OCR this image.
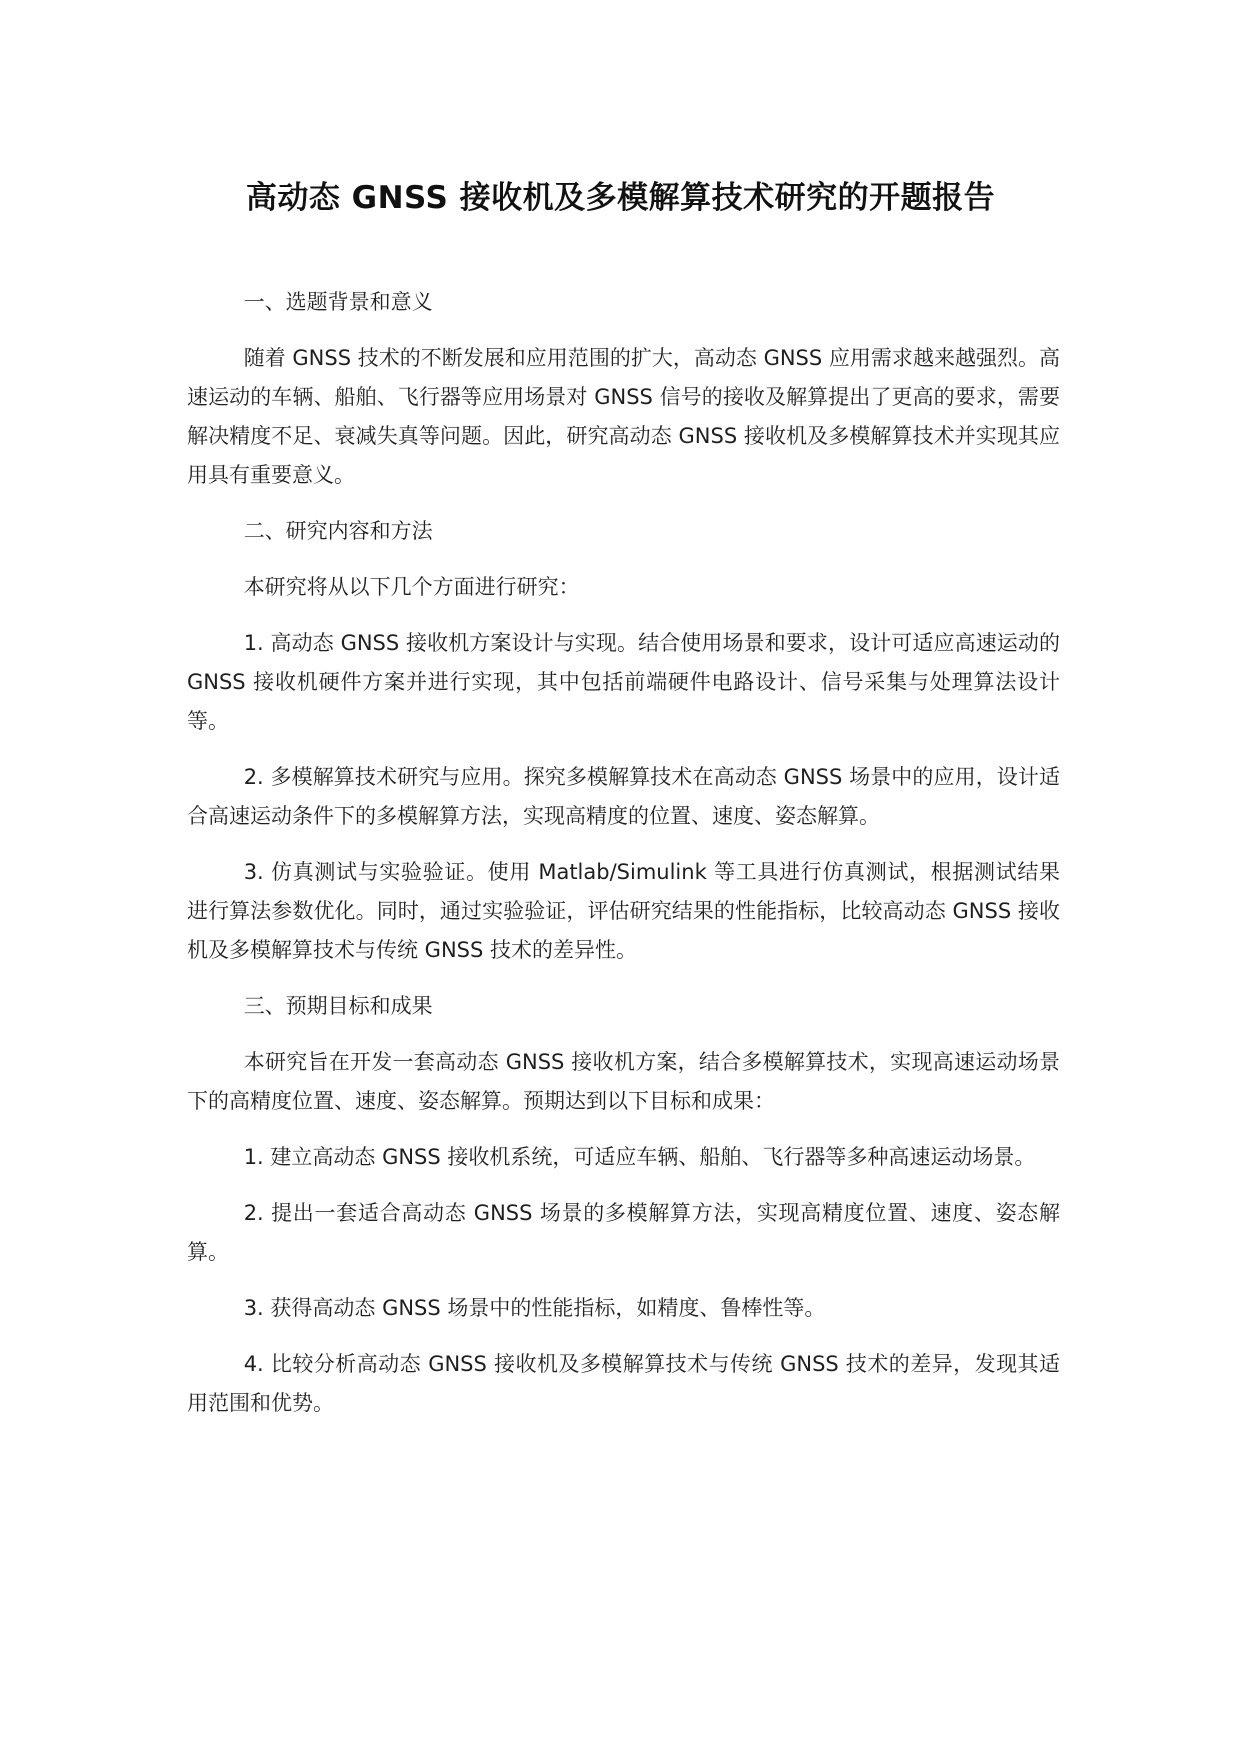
高动态 GNSS 接收机及多模解算技术研究的开题报告

一、选题背景和意义

随着 GNSS 技术的不断发展和应用范围的扩大，高动态 GNSS 应用需求越来越强烈。高速运动的车辆、船舶、飞行器等应用场景对 GNSS 信号的接收及解算提出了更高的要求，需要解决精度不足、衰减失真等问题。因此，研究高动态 GNSS 接收机及多模解算技术并实现其应用具有重要意义。

二、研究内容和方法

本研究将从以下几个方面进行研究：

1. 高动态 GNSS 接收机方案设计与实现。结合使用场景和要求，设计可适应高速运动的 GNSS 接收机硬件方案并进行实现，其中包括前端硬件电路设计、信号采集与处理算法设计等。

2. 多模解算技术研究与应用。探究多模解算技术在高动态 GNSS 场景中的应用，设计适合高速运动条件下的多模解算方法，实现高精度的位置、速度、姿态解算。

3. 仿真测试与实验验证。使用 Matlab/Simulink 等工具进行仿真测试，根据测试结果进行算法参数优化。同时，通过实验验证，评估研究结果的性能指标，比较高动态 GNSS 接收机及多模解算技术与传统 GNSS 技术的差异性。

三、预期目标和成果

本研究旨在开发一套高动态 GNSS 接收机方案，结合多模解算技术，实现高速运动场景下的高精度位置、速度、姿态解算。预期达到以下目标和成果：

1. 建立高动态 GNSS 接收机系统，可适应车辆、船舶、飞行器等多种高速运动场景。

2. 提出一套适合高动态 GNSS 场景的多模解算方法，实现高精度位置、速度、姿态解算。

3. 获得高动态 GNSS 场景中的性能指标，如精度、鲁棒性等。

4. 比较分析高动态 GNSS 接收机及多模解算技术与传统 GNSS 技术的差异，发现其适用范围和优势。
